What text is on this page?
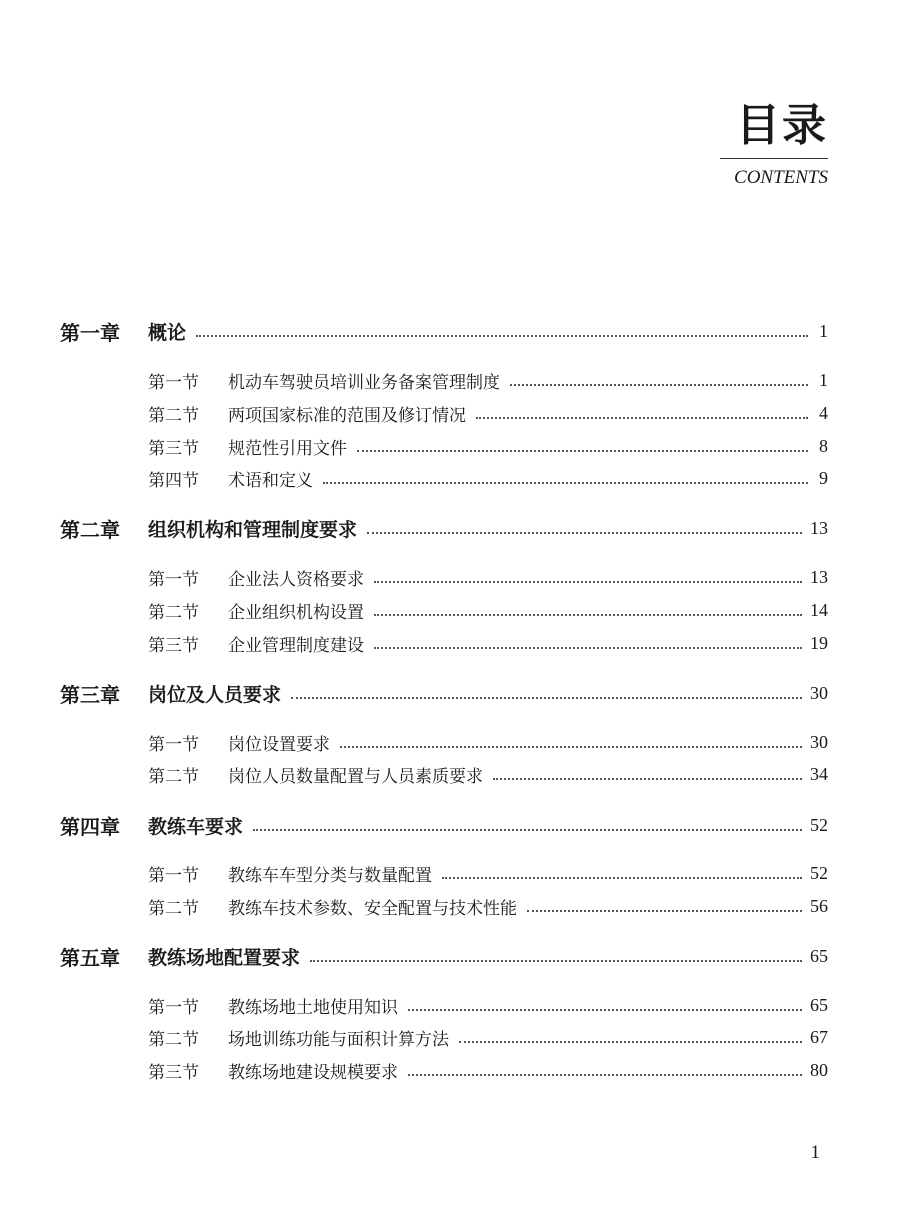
目录
CONTENTS
第一章	概论	1
第一节	机动车驾驶员培训业务备案管理制度	1
第二节	两项国家标准的范围及修订情况	4
第三节	规范性引用文件	8
第四节	术语和定义	9
第二章	组织机构和管理制度要求	13
第一节	企业法人资格要求	13
第二节	企业组织机构设置	14
第三节	企业管理制度建设	19
第三章	岗位及人员要求	30
第一节	岗位设置要求	30
第二节	岗位人员数量配置与人员素质要求	34
第四章	教练车要求	52
第一节	教练车车型分类与数量配置	52
第二节	教练车技术参数、安全配置与技术性能	56
第五章	教练场地配置要求	65
第一节	教练场地土地使用知识	65
第二节	场地训练功能与面积计算方法	67
第三节	教练场地建设规模要求	80
1
